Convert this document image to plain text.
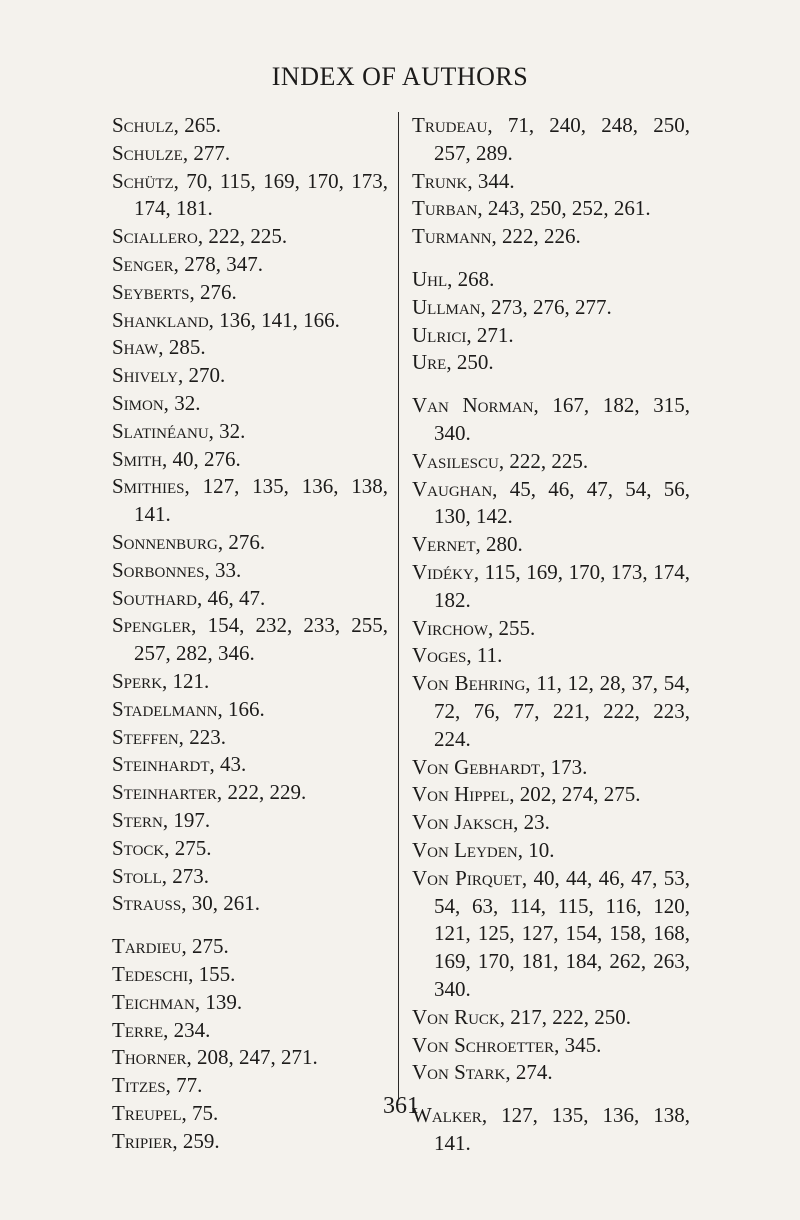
INDEX OF AUTHORS
Schulz, 265.
Schulze, 277.
Schütz, 70, 115, 169, 170, 173, 174, 181.
Sciallero, 222, 225.
Senger, 278, 347.
Seyberts, 276.
Shankland, 136, 141, 166.
Shaw, 285.
Shively, 270.
Simon, 32.
Slatinéanu, 32.
Smith, 40, 276.
Smithies, 127, 135, 136, 138, 141.
Sonnenburg, 276.
Sorbonnes, 33.
Southard, 46, 47.
Spengler, 154, 232, 233, 255, 257, 282, 346.
Sperk, 121.
Stadelmann, 166.
Steffen, 223.
Steinhardt, 43.
Steinharter, 222, 229.
Stern, 197.
Stock, 275.
Stoll, 273.
Strauss, 30, 261.
Tardieu, 275.
Tedeschi, 155.
Teichman, 139.
Terre, 234.
Thorner, 208, 247, 271.
Titzes, 77.
Treupel, 75.
Tripier, 259.
Trudeau, 71, 240, 248, 250, 257, 289.
Trunk, 344.
Turban, 243, 250, 252, 261.
Turmann, 222, 226.
Uhl, 268.
Ullman, 273, 276, 277.
Ulrici, 271.
Ure, 250.
Van Norman, 167, 182, 315, 340.
Vasilescu, 222, 225.
Vaughan, 45, 46, 47, 54, 56, 130, 142.
Vernet, 280.
Vidéky, 115, 169, 170, 173, 174, 182.
Virchow, 255.
Voges, 11.
Von Behring, 11, 12, 28, 37, 54, 72, 76, 77, 221, 222, 223, 224.
Von Gebhardt, 173.
Von Hippel, 202, 274, 275.
Von Jaksch, 23.
Von Leyden, 10.
Von Pirquet, 40, 44, 46, 47, 53, 54, 63, 114, 115, 116, 120, 121, 125, 127, 154, 158, 168, 169, 170, 181, 184, 262, 263, 340.
Von Ruck, 217, 222, 250.
Von Schroetter, 345.
Von Stark, 274.
Walker, 127, 135, 136, 138, 141.
361
